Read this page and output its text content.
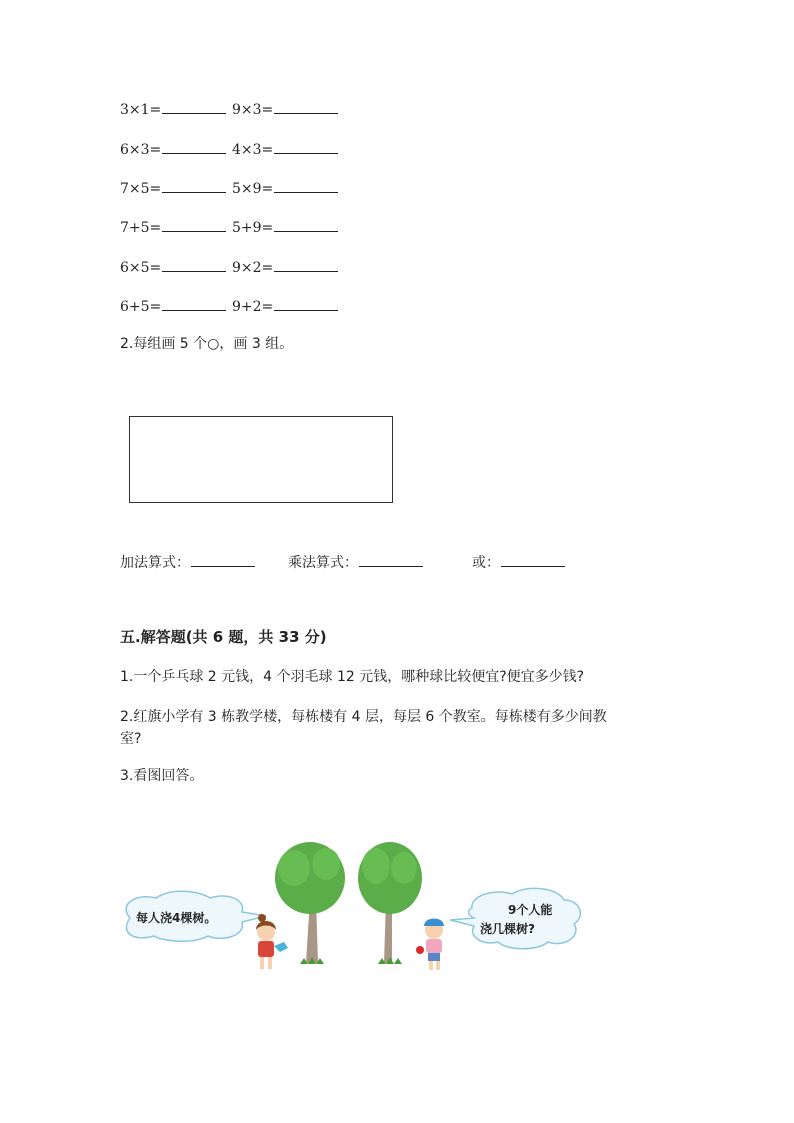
3×1=	9×3=
6×3=	4×3=
7×5=	5×9=
7+5=	5+9=
6×5=	9×2=
6+5=	9+2=
2.每组画 5 个○，画 3 组。
加法算式：	乘法算式：	或：
五.解答题(共 6 题，共 33 分)
1.一个乒乓球 2 元钱，4 个羽毛球 12 元钱，哪种球比较便宜?便宜多少钱?
2.红旗小学有 3 栋教学楼，每栋楼有 4 层，每层 6 个教室。每栋楼有多少间教
室?
3.看图回答。
每人浇4棵树。
9个人能
浇几棵树?
